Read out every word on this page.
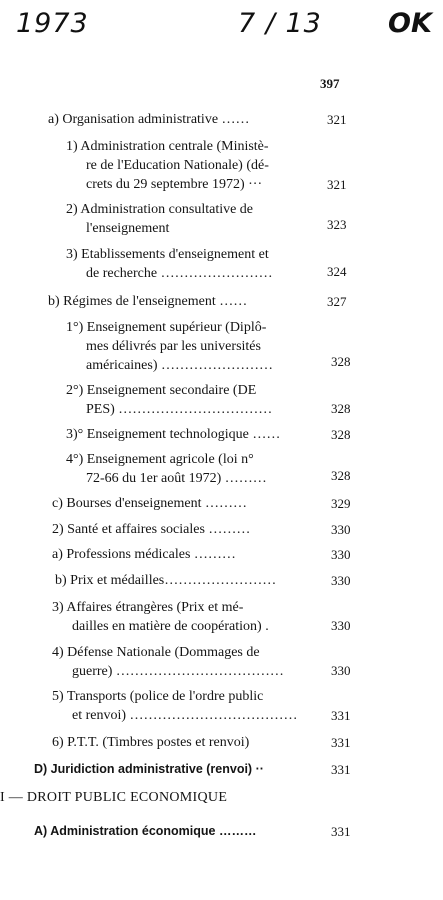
1973	7 / 13 OK
397
a) Organisation administrative ……	321
1) Administration centrale (Ministè-
re de l'Education Nationale) (dé-
crets du 29 septembre 1972) ···	321
2) Administration consultative de
l'enseignement	323
3) Etablissements d'enseignement et
de recherche ……………………	324
b) Régimes de l'enseignement ……	327
1°) Enseignement supérieur (Diplô-
mes délivrés par les universités
américaines) ……………………	328
2°) Enseignement secondaire (DE
PES) ……………………………	328
3)° Enseignement technologique ……	328
4°) Enseignement agricole (loi n°
72-66 du 1er août 1972) ………	328
c) Bourses d'enseignement ………	329
2) Santé et affaires sociales ………	330
a) Professions médicales ………	330
b) Prix et médailles……………………	330
3) Affaires étrangères (Prix et mé-
dailles en matière de coopération) .	330
4) Défense Nationale (Dommages de
guerre) ………………………………	330
5) Transports (police de l'ordre public
et renvoi) ………………………………	331
6) P.T.T. (Timbres postes et renvoi)	331
D) Juridiction administrative (renvoi) ··	331
I — DROIT PUBLIC ECONOMIQUE
A) Administration économique ………	331
